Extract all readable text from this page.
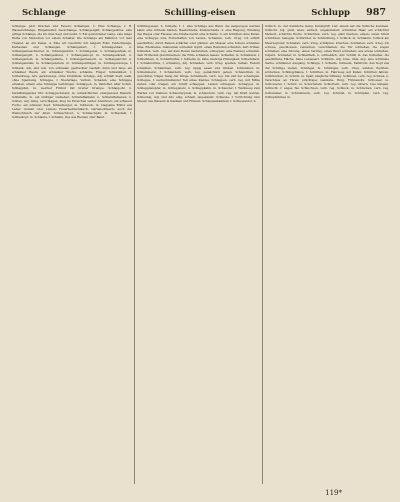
Schlange	Schilling-eisen	Schlupp 987

Schlange: jetzt Drachen und Feuers; Schlangen. 2. Eine Schlange, z. B. Wasserschlange, Ringelnatter, Seeschlange, Schlangengift, Schlangenbiss; eine giftige Schlange, die im Gras liegt und beißt. 3. Ein gewundener Gang, eine lange Reihe von Menschen vor einem Schalter. Die Schlange am Bahnhof, vor dem Theater, an der Kasse. 4. Eine Art Geschütz mit langem Rohr, Feldschlange, Kartaunen und Schlangen. Schlangenart, f. Schlangenbad, n. Schlangenbeschwörer, m. Schlangenbrut, f. Schlangenei, n. Schlangenfraß, m. Schlangengift, n. Schlangenhaut, f. Schlangenkopf, m. Schlangenkraut, n. Schlangenleib, m. Schlangenlinie, f. Schlangenmensch, m. Schlangenrohr, n. Schlangenstab, m. Schlangenstein, m. Schlangenträger, m. Schlangenzunge, f. Schlank, Adj. und Adv. von schmaler, gestreckter Gestalt, dünn und lang; ein schlanker Baum, ein schlanker Wuchs, schlanke Finger. Schlankheit, f. Schlankweg, Adv. geradewegs, ohne Umstände. Schlapp, Adj. schlaff, matt, welk, ohne Spannung. Schlappe, f. Niederlage, Verlust, Schaden; eine Schlappe erleiden, einem eine Schlappe beibringen. Schlappen, m. Pantoffel, alter Schuh. Schlapphut, m. weicher Filzhut mit breiter Krempe. Schlappohr, n. herabhängendes Ohr. Schlappschwanz, m. schwächlicher, energieloser Mensch. Schlaraffe, m. ein müßiger Genießer; Schlaraffenland, n. Schlaraffenleben, n. Schlau, Adj. listig, verschlagen, klug im Erreichen seiner Absichten; ein schlauer Fuchs, ein schlauer Kopf. Schlauberger, m. Schlauch, m. biegsame Röhre aus Leder, Gummi oder Leinen; Feuerwehrschlauch, Gartenschlauch; auch der Weinschlauch der Alten. Schlauchboot, n. Schlauchpilz, m. Schlauheit, f. Schlaukopf, m. Schlaufe, f. Schleife, Öse aus Riemen oder Band.

Schilling-eisen, n. Schleife, f. 1. eine Schlinge aus Band, die aufgezogen werden kann; eine Schleife binden, Haarschleife, Kranzschleife. 2. eine Biegung, Windung des Weges oder Flusses; die Straße macht eine Schleife. 3. ein Schlitten ohne Kufen, eine Schleppe zum Fortschaffen von Lasten. Schleifen, verb. irreg. ich schliff, geschliffen; durch Reiben schärfen oder glätten: ein Messer, eine Schere schleifen; Glas, Edelsteine, Diamanten schleifen; figürl. einen Rekruten schleifen, hart drillen. Schleifen, verb. reg. auf dem Boden nachziehen, schleppen; eine Festung schleifen, dem Erdboden gleichmachen; die Füße schleifen lassen. Schleifer, m. Schleiferei, f. Schleifstein, m. Schleifmühle, f. Schleim, m. zähe, klebrige Flüssigkeit; Schleimhaut, f. Schleimdrüse, f. schleimig, Adj. Schleißen, verb. irreg. spalten, reißen; Federn schleißen. Schlemmen, verb. reg. üppig essen und trinken. Schlemmer, m. Schlemmerei, f. Schlendern, verb. reg. gemächlich gehen. Schlendrian, m. gewohnter, träger Gang der Dinge. Schlenkern, verb. reg. hin und her schwingen. Schleppe, f. nachschleifender Teil eines Kleides. Schleppen, verb. reg. mit Mühe ziehen oder tragen; ein Schiff schleppen, Lasten schleppen. Schlepper, m. Schleppdampfer, m. Schleppnetz, n. Schleppkahn, m. Schleuder, f. Werkzeug zum Werfen von Steinen; Schleuderpreis, m. schleudern, verb. reg. mit Kraft werfen. Schleunig, Adj. und Adv. eilig, schnell, ungesäumt. Schleuse, f. Vorrichtung zum Stauen des Wassers in Kanälen und Flüssen. Schleusenkammer, f. Schleusentor, n.

Schlich, m. der heimliche Gang, Kunstgriff, List; einem auf die Schliche kommen. Schlicht, Adj. glatt, eben, einfach, ungekünstelt; schlichtes Haar, ein schlichter Mensch, schlichte Worte. Schlichten, verb. reg. glatt machen, ebnen; einen Streit schlichten, beilegen. Schlichter, m. Schlichtung, f. Schlick, m. Schlamm, Schlick am Meeresgrund. Schliefen, verb. irreg. schlüpfen, kriechen. Schließen, verb. irreg. ich schloss, geschlossen; zumachen, verschließen; die Tür schließen, die Augen schließen; eine Sitzung, einen Vertrag, einen Bund schließen; aus etwas schließen, folgern. Schließer, m. Schließfach, n. schließlich, Adv. Schliff, m. das Schleifen, die geschliffene Fläche, feine Lebensart. Schlimm, Adj. böse, übel, arg; eine schlimme Sache, schlimmer Ausgang. Schlinge, f. Schleife, Schlaufe, Fallstrick; den Kopf aus der Schlinge ziehen. Schlingel, m. Schlingen, verb. irreg. winden, flechten; schlucken. Schlingpflanze, f. Schlitten, m. Fahrzeug auf Kufen; Schlitten fahren. Schlittschuh, m. Schlitz, m. Spalt, längliche Öffnung. Schlitzen, verb. reg. Schloss, n. Verschluss an Türen; prächtiges Gebäude, Burg, Fürstensitz. Schlosser, m. Schlosserei, f. Schlot, m. Schornstein. Schlottern, verb. reg. zittern, lose hängen. Schlucht, f. enges Tal. Schluchzen, verb. reg. Schluck, m. Schlucken, verb. reg. Schlummer, m. Schlummern, verb. reg. Schlund, m. Schlüpfen, verb. reg. Schlupfwinkel, m.

119*
